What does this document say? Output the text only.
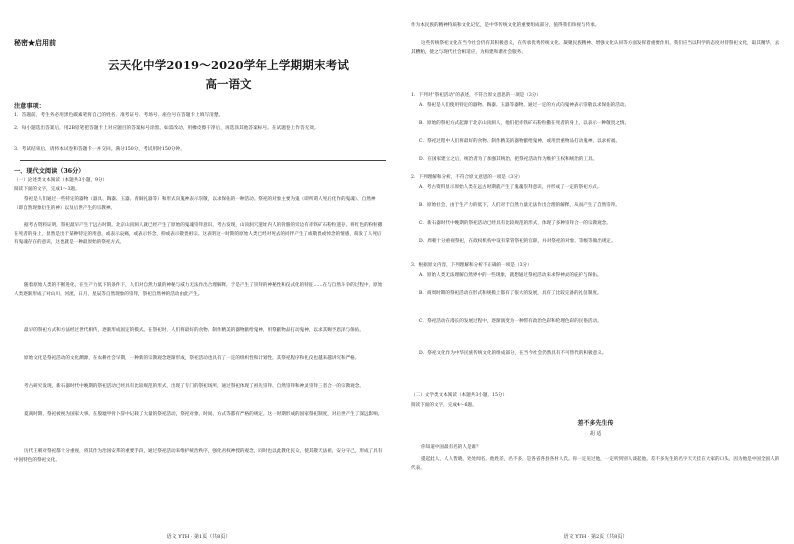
秘密★启用前

云天化中学2019～2020学年上学期期末考试

高一语文

注意事项：

1．答题前，考生务必用黑色碳素笔将自己的姓名、准考证号、考场号、座位号在答题卡上填写清楚。

2．每小题选出答案后，用2B铅笔把答题卡上对应题目的答案标号涂黑。如需改动，用橡皮擦干净后，再选涂其他答案标号。在试题卷上作答无效。

3．考试结束后，请将本试卷和答题卡一并交回。满分150分，考试用时150分钟。

一、现代文阅读（36分）

（一）论述类文本阅读（本题共3小题，9分）

阅读下面的文字，完成1～3题。

祭祀是人们通过一些特定的器物（器具、陶器、玉器、青铜礼器等）和形式向鬼神表示崇敬，以求保佑的一种活动。祭祀的对象主要为鬼（即所谓人死后化作的鬼魂）、自然神（即自然现象衍生的神）以及后世产生的宗教神。

据考古资料证明，祭祀最早产生于远古时期。北京山顶洞人就已经产生了原始的鬼魂崇拜意识，考古发现，山顶洞穴遗址内人的骨骼的旁边有赤铁矿石粉粒遗存。将红色的粉粒撒在死者的身上，显然是出于某种特定的用意，或表示哀痛，或表示怀念，抑或表示敬畏祖宗。这表明这一时期的原始人类已经对死去的同伴产生了或敬畏或悼念的情感，萌发了人死后有鬼魂存在的意识，这也就是一种最原始的祭祀方式。

随着原始人类的不断进化，在生产力低下的条件下，人们对自然力量的神秘与威力无法作出合理解释，于是产生了崇拜的神秘性和仪式化的特征……在与自然斗争的过程中，原始人类逐渐形成了对山川、河流、日月、星辰等自然现象的崇拜，祭祀自然神的活动由此产生。

最早的祭祀方式和方法经过世代相传，逐渐形成固定的模式。在祭祀时，人们将最好的食物、制作精美的器物献给鬼神，用祭献物品打动鬼神，以求其赐予恩泽与保佑。

原始文化是祭祀活动的文化渊源，在农耕社会早期，一种新的宗教观念逐渐形成，祭祀活动也具有了一定的组织性和计划性，其祭祀程序和礼仪也越来越讲究和严格。

考古研究发现，新石器时代中晚期的祭祀活动已经具有比较规范的形式，出现了专门的祭祀场所，通过祭祀体现了祖先崇拜、自然崇拜和神灵崇拜三者合一的宗教观念。

夏商时期，祭祀被视为国家大事。在殷墟甲骨卜辞中记载了大量的祭祀活动，祭祀对象、时间、方式等都有严格的规定。这一时期形成的国家祭祀制度，对后世产生了深远影响。

历代王朝对祭祀都十分重视，将其作为治国安邦的重要手段，通过祭祀活动来维护统治秩序，强化君权神授的观念，同时也以此教化民众，使其敬天法祖，安分守己，形成了具有中国特色的祭祀文化。

语文 YTH · 第1页（共8页）

作为本民族的精神特质和文化记忆，是中华传统文化的重要组成部分，值得我们珍视与传承。

这些传统祭祀文化在当今社会仍有其积极意义，在传承优秀传统文化、凝聚民族精神、增强文化认同等方面发挥着重要作用。我们应当以科学的态度对待祭祀文化，取其精华，去其糟粕，使之与现代社会相适应，为构建和谐社会服务。

1．下列对“祭祀活动”的表述，不符合原文意思的一项是（3分）

A．祭祀是人们使用特定的器物、陶器、玉器等器物，通过一定的方式向鬼神表示崇敬以求保佑的活动。

B．原始的祭祀方式起源于北京山顶洞人，他们把赤铁矿石粉粒撒在死者的身上，以表示一种敬畏之情。

C．祭祀过程中人们将最好的食物、制作精美的器物献给鬼神，或用贵重物品打动鬼神，以求祈福。

D．在国家建立之后，统治者为了加强其统治，把祭祀活动作为维护王权和统治的工具。

2．下列理解和分析，不符合原文意思的一项是（3分）

A．考古资料显示原始人类在远古时期就产生了鬼魂崇拜意识，并形成了一定的祭祀方式。

B．原始社会，由于生产力的低下，人们对于自然力量无法作出合理的解释，从而产生了自然崇拜。

C．新石器时代中晚期的祭祀活动已经具有比较规范的形式，体现了多种崇拜合一的宗教观念。

D．周朝十分重视祭祀，在政权机构中设有掌管祭祀的官职，并对祭祀的对象、等级等做出规定。

3．根据原文内容，下列理解和分析不正确的一项是（3分）

A．原始人类无法理解自然界中的一些现象，就想通过祭祀活动来求得神灵的庇护与保佑。

B．商周时期的祭祀活动在形式和规模上都有了很大的发展，具有了比较完备的礼仪制度。

C．祭祀活动在漫长的发展过程中，逐渐演变为一种带有政治色彩和伦理色彩的民俗活动。

D．祭祀文化作为中华民族传统文化的组成部分，在当今社会仍然具有不可替代的积极意义。

（二）文学类文本阅读（本题共3小题，15分）

阅读下面的文字，完成4～6题。

差不多先生传

胡 适

你知道中国最有名的人是谁？

提起此人，人人皆晓，处处闻名。他姓差，名不多，是各省各县各村人氏。你一定见过他，一定听到别人谈起他。差不多先生的名字天天挂在大家的口头，因为他是中国全国人的代表。

语文 YTH · 第2页（共8页）
